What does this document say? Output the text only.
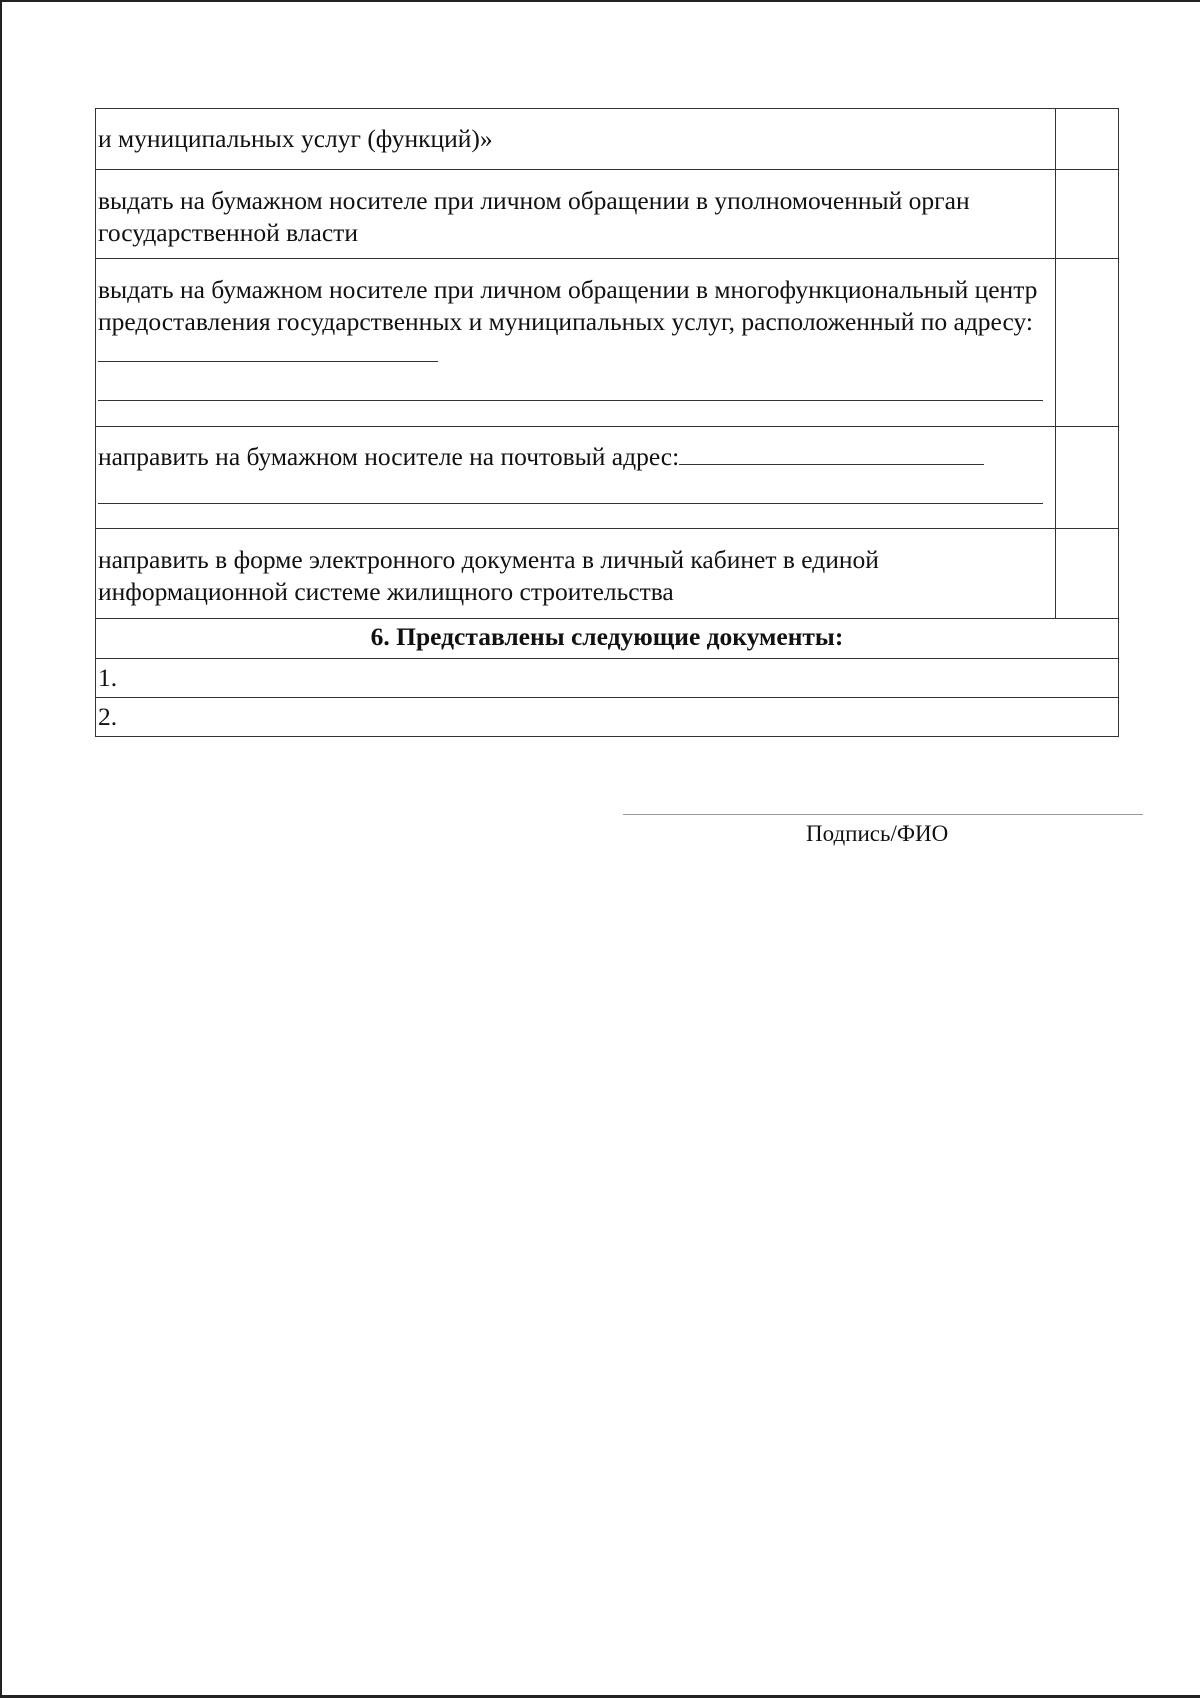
и муниципальных услуг (функций)»	
выдать на бумажном носителе при личном обращении в уполномоченный орган государственной власти	
выдать на бумажном носителе при личном обращении в многофункциональный центр предоставления государственных и муниципальных услуг, расположенный по адресу:

направить на бумажном носителе на почтовый адрес:

направить в форме электронного документа в личный кабинет в единой информационной системе жилищного строительства	
6. Представлены следующие документы:	
1.	
2.	
Подпись/ФИО
